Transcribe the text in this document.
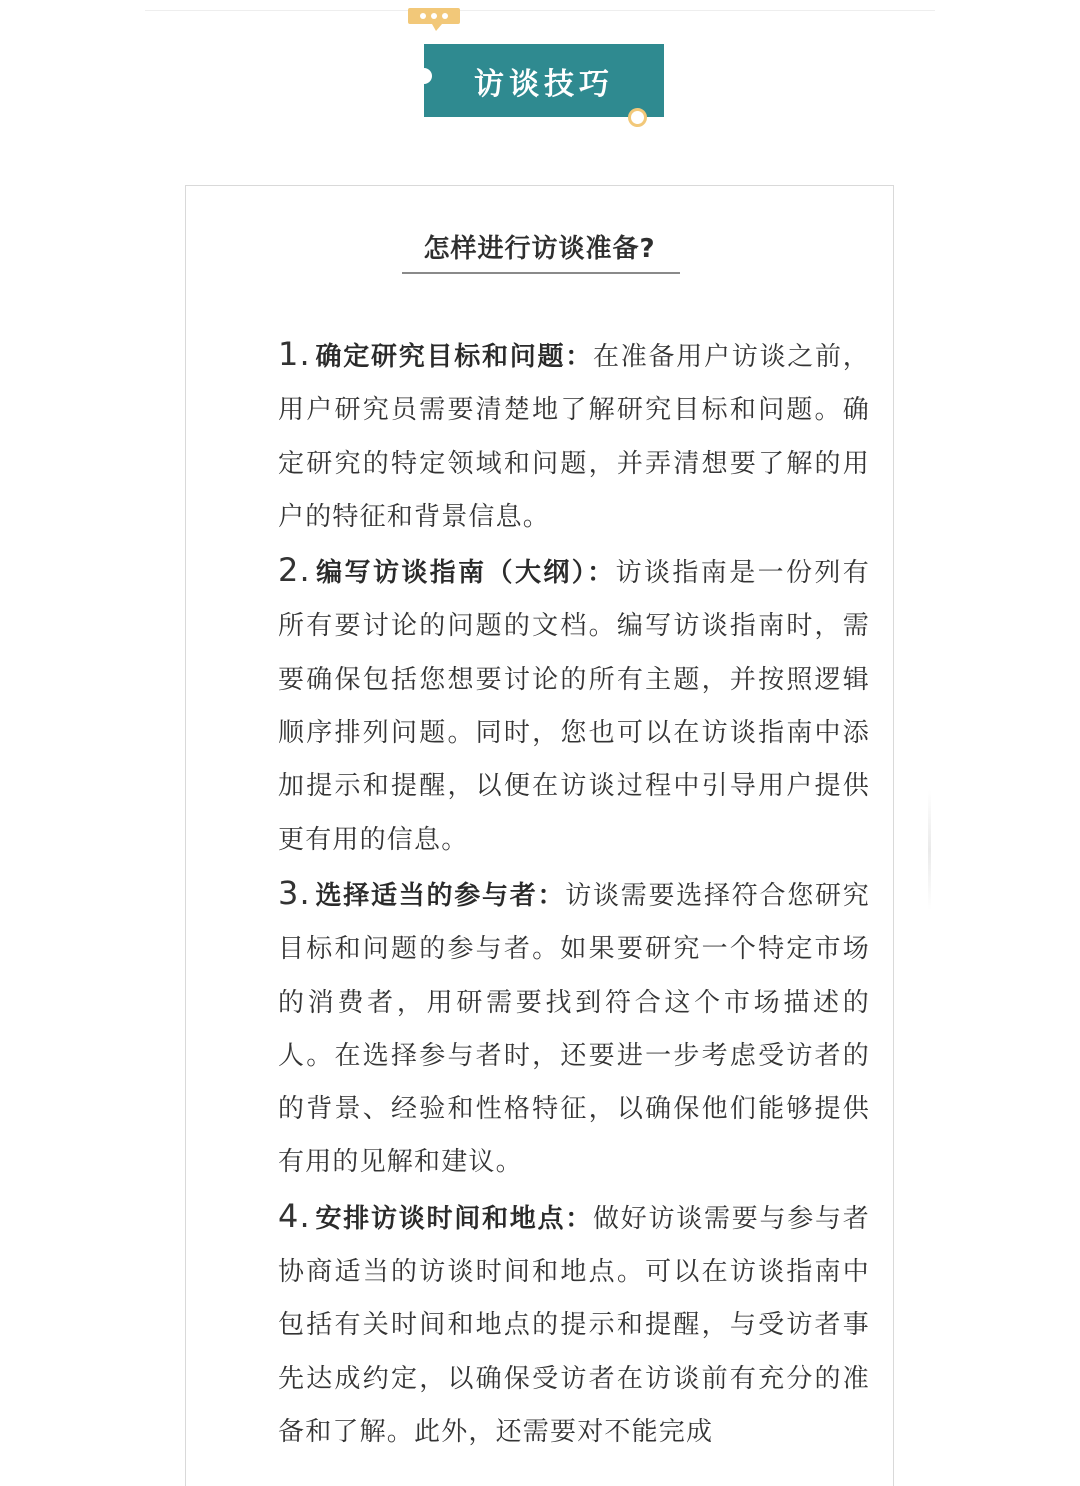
访谈技巧
怎样进行访谈准备?

1. 确定研究目标和问题：在准备用户访谈之前，用户研究员需要清楚地了解研究目标和问题。确定研究的特定领域和问题，并弄清想要了解的用户的特征和背景信息。

2. 编写访谈指南（大纲）：访谈指南是一份列有所有要讨论的问题的文档。编写访谈指南时，需要确保包括您想要讨论的所有主题，并按照逻辑顺序排列问题。同时，您也可以在访谈指南中添加提示和提醒，以便在访谈过程中引导用户提供更有用的信息。

3. 选择适当的参与者：访谈需要选择符合您研究目标和问题的参与者。如果要研究一个特定市场的消费者，用研需要找到符合这个市场描述的人。在选择参与者时，还要进一步考虑受访者的的背景、经验和性格特征，以确保他们能够提供有用的见解和建议。

4. 安排访谈时间和地点：做好访谈需要与参与者协商适当的访谈时间和地点。可以在访谈指南中包括有关时间和地点的提示和提醒，与受访者事先达成约定，以确保受访者在访谈前有充分的准备和了解。此外，还需要对不能完成
